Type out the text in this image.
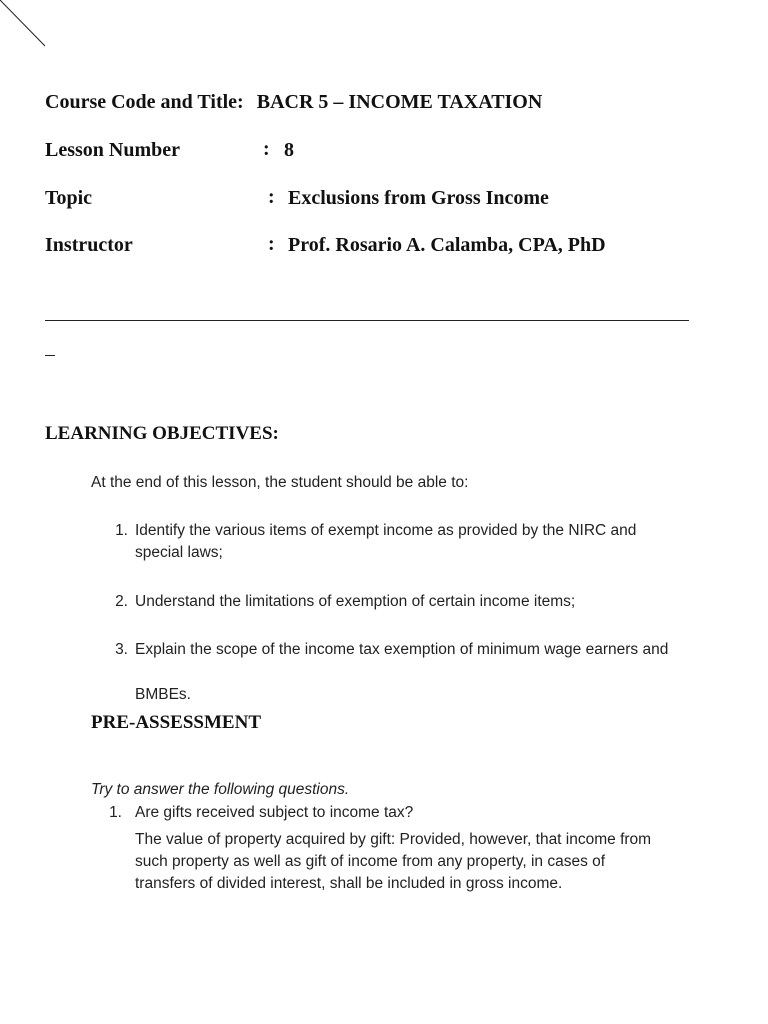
Course Code and Title: BACR 5 – INCOME TAXATION
Lesson Number	: 8
Topic	: Exclusions from Gross Income
Instructor	: Prof. Rosario A. Calamba, CPA, PhD
LEARNING OBJECTIVES:
At the end of this lesson, the student should be able to:
1. Identify the various items of exempt income as provided by the NIRC and
special laws;
2. Understand the limitations of exemption of certain income items;
3. Explain the scope of the income tax exemption of minimum wage earners and
BMBEs.
PRE-ASSESSMENT
Try to answer the following questions.
1. Are gifts received subject to income tax?
The value of property acquired by gift: Provided, however, that income from
such property as well as gift of income from any property, in cases of
transfers of divided interest, shall be included in gross income.
